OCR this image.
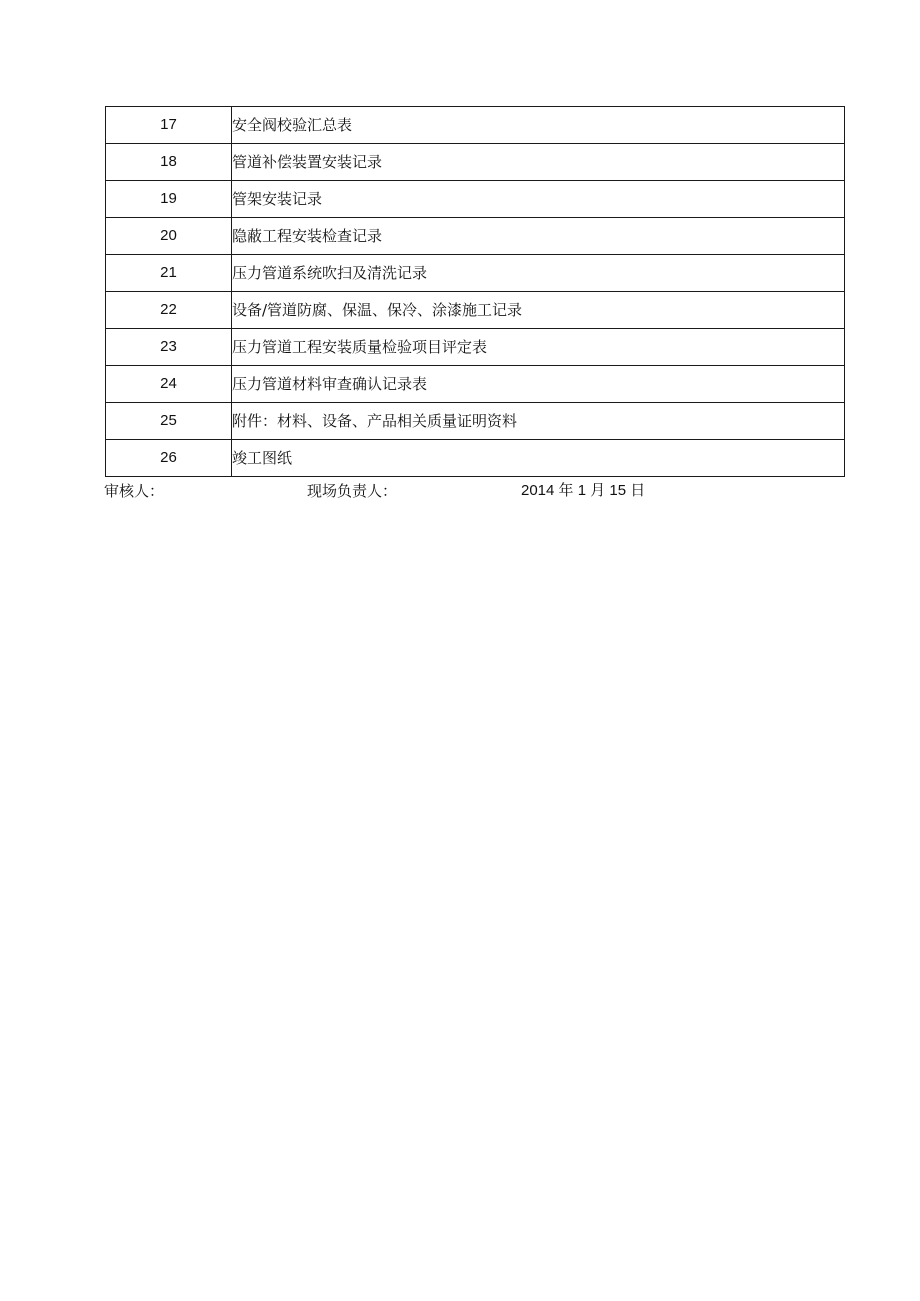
17	安全阀校验汇总表
18	管道补偿装置安装记录
19	管架安装记录
20	隐蔽工程安装检查记录
21	压力管道系统吹扫及清洗记录
22	设备/管道防腐、保温、保冷、涂漆施工记录
23	压力管道工程安装质量检验项目评定表
24	压力管道材料审查确认记录表
25	附件：材料、设备、产品相关质量证明资料
26	竣工图纸
审核人：	现场负责人：	2014 年 1 月 15 日
